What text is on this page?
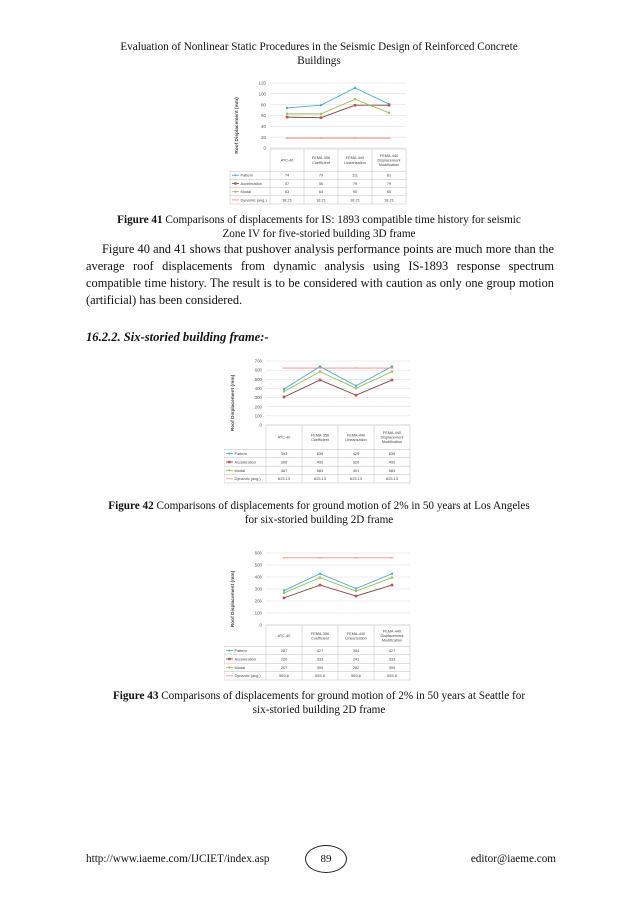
Evaluation of Nonlinear Static Procedures in the Seismic Design of Reinforced Concrete
Buildings
Roof Displacement (mm)	0
20
40
60
80
100
120
ATC-40
FEMA-356 Coefficient
FEMA-440 Linearization
FEMA-440 Displacement Modification
Pattern	74	79	111	81
Acceleration	57	56	79	79
Modal	63	63	90	65
Dynamic (avg.)	18.21	18.21	18.21	18.21
Figure 41 Comparisons of displacements for IS: 1893 compatible time history for seismic
Zone IV for five-storied building 3D frame
Figure 40 and 41 shows that pushover analysis performance points are much more than the average roof displacements from dynamic analysis using IS-1893 response spectrum compatible time history. The result is to be considered with caution as only one group motion (artificial) has been considered.
16.2.2. Six-storied building frame:-
Roof Displacement (mm)	0
100
200
300
400
500
600
700
ATC-40
FEMA-356 Coefficient
FEMA-440 Linearization
FEMA-440 Displacement Modification
Pattern	393	639	429	639
Acceleration	306	492	326	492
Modal	367	583	401	583
Dynamic (avg.)	623.13	623.13	623.13	623.13
Figure 42 Comparisons of displacements for ground motion of 2% in 50 years at Los Angeles
for six-storied building 2D frame
Roof Displacement (mm)	0
100
200
300
400
500
600
ATC-40
FEMA-356 Coefficient
FEMA-440 Linearization
FEMA-440 Displacement Modification
Pattern	287	427	304	427
Acceleration	226	333	241	333
Modal	267	395	282	395
Dynamic (avg.)	559.6	559.6	559.6	559.6
Figure 43 Comparisons of displacements for ground motion of 2% in 50 years at Seattle for
six-storied building 2D frame
http://www.iaeme.com/IJCIET/index.asp	89	editor@iaeme.com
